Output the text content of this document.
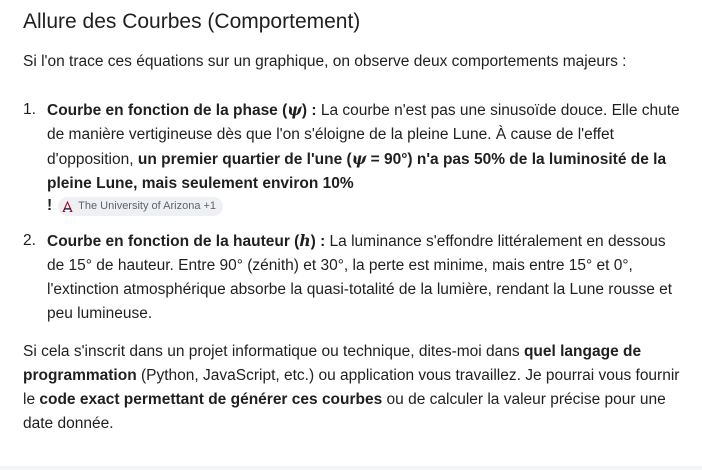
Allure des Courbes (Comportement)

Si l'on trace ces équations sur un graphique, on observe deux comportements majeurs :

1. Courbe en fonction de la phase (ψ) : La courbe n'est pas une sinusoïde douce. Elle chute de manière vertigineuse dès que l'on s'éloigne de la pleine Lune. À cause de l'effet d'opposition, un premier quartier de l'une (ψ = 90°) n'a pas 50% de la luminosité de la pleine Lune, mais seulement environ 10%
! The University of Arizona +1
2. Courbe en fonction de la hauteur (h) : La luminance s'effondre littéralement en dessous de 15° de hauteur. Entre 90° (zénith) et 30°, la perte est minime, mais entre 15° et 0°, l'extinction atmosphérique absorbe la quasi-totalité de la lumière, rendant la Lune rousse et peu lumineuse.

Si cela s'inscrit dans un projet informatique ou technique, dites-moi dans quel langage de programmation (Python, JavaScript, etc.) ou application vous travaillez. Je pourrai vous fournir le code exact permettant de générer ces courbes ou de calculer la valeur précise pour une date donnée.
